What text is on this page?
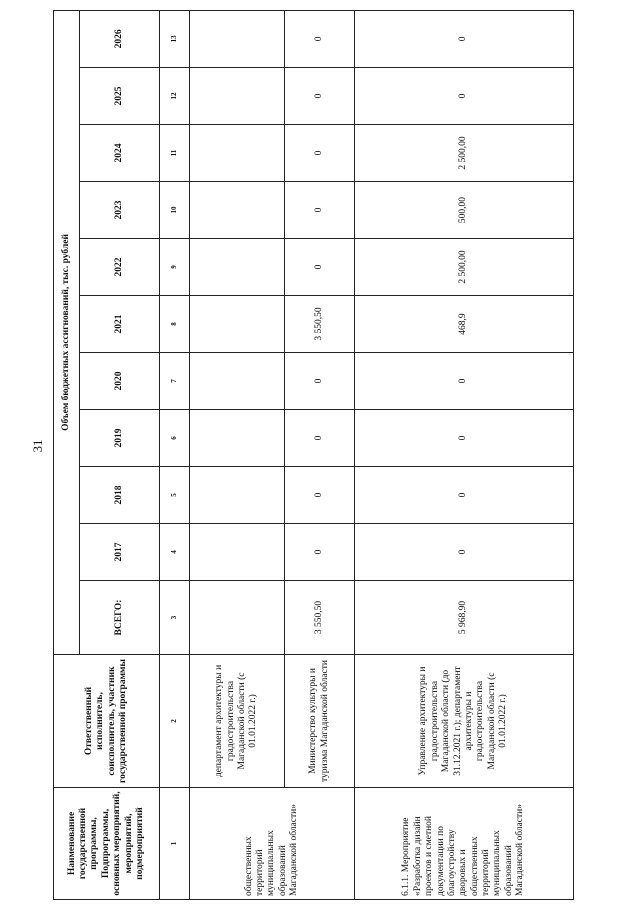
31
Наименование государственной программы, Подпрограммы, основных мероприятий, мероприятий, подмероприятий	Ответственный исполнитель, соисполнитель, участник государственной программы	Объем бюджетных ассигнований, тыс. рублей										
		ВСЕГО:	2017	2018	2019	2020	2021	2022	2023	2024	2025	2026
1	2	3	4	5	6	7	8	9	10	11	12	13
общественных территорий муниципальных образований Магаданской области»	департамент архитектуры и градостроительства Магаданской области (с 01.01.2022 г.)											
	Министерство культуры и туризма Магаданской области	3 550,50	0	0	0	0	3 550,50	0	0	0	0	0
6.1.1. Мероприятие «Разработка дизайн проектов и сметной документации по благоустройству дворовых и общественных территорий муниципальных образований Магаданской области»	Управление архитектуры и градостроительства Магаданской области (до 31.12.2021 г.); департамент архитектуры и градостроительства Магаданской области (с 01.01.2022 г.)	5 968,90	0	0	0	0	468,9	2 500,00	500,00	2 500,00	0	0
